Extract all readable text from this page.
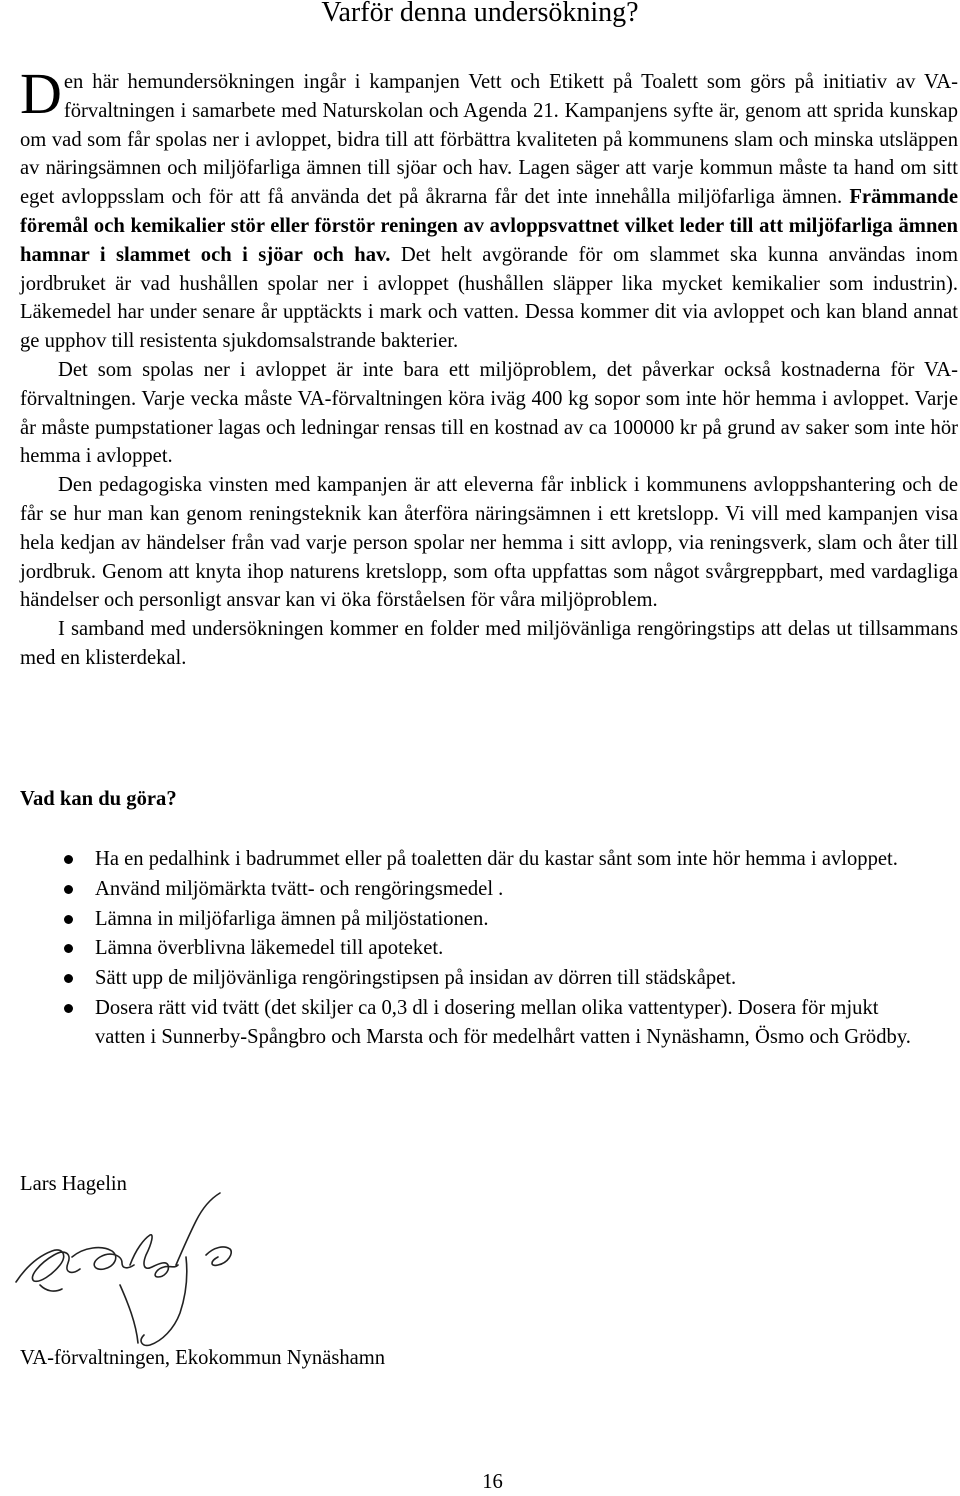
Varför denna undersökning?

Den här hemundersökningen ingår i kampanjen Vett och Etikett på Toalett som görs på initiativ av VA-förvaltningen i samarbete med Naturskolan och Agenda 21. Kampanjens syfte är, genom att sprida kunskap om vad som får spolas ner i avloppet, bidra till att förbättra kvaliteten på kommunens slam och minska utsläppen av näringsämnen och miljöfarliga ämnen till sjöar och hav. Lagen säger att varje kommun måste ta hand om sitt eget avloppsslam och för att få använda det på åkrarna får det inte innehålla miljöfarliga ämnen. Främmande föremål och kemikalier stör eller förstör reningen av avloppsvattnet vilket leder till att miljöfarliga ämnen hamnar i slammet och i sjöar och hav. Det helt avgörande för om slammet ska kunna användas inom jordbruket är vad hushållen spolar ner i avloppet (hushållen släpper lika mycket kemikalier som industrin). Läkemedel har under senare år upptäckts i mark och vatten. Dessa kommer dit via avloppet och kan bland annat ge upphov till resistenta sjukdomsalstrande bakterier.

Det som spolas ner i avloppet är inte bara ett miljöproblem, det påverkar också kostnaderna för VA-förvaltningen. Varje vecka måste VA-förvaltningen köra iväg 400 kg sopor som inte hör hemma i avloppet. Varje år måste pumpstationer lagas och ledningar rensas till en kostnad av ca 100000 kr på grund av saker som inte hör hemma i avloppet.

Den pedagogiska vinsten med kampanjen är att eleverna får inblick i kommunens avloppshantering och de får se hur man kan genom reningsteknik kan återföra näringsämnen i ett kretslopp. Vi vill med kampanjen visa hela kedjan av händelser från vad varje person spolar ner hemma i sitt avlopp, via reningsverk, slam och åter till jordbruk. Genom att knyta ihop naturens kretslopp, som ofta uppfattas som något svårgreppbart, med vardagliga händelser och personligt ansvar kan vi öka förståelsen för våra miljöproblem.

I samband med undersökningen kommer en folder med miljövänliga rengöringstips att delas ut tillsammans med en klisterdekal.

Vad kan du göra?
Ha en pedalhink i badrummet eller på toaletten där du kastar sånt som inte hör hemma i avloppet.
Använd miljömärkta tvätt- och rengöringsmedel .
Lämna in miljöfarliga ämnen på miljöstationen.
Lämna överblivna läkemedel till apoteket.
Sätt upp de miljövänliga rengöringstipsen på insidan av dörren till städskåpet.
Dosera rätt vid tvätt (det skiljer ca 0,3 dl i dosering mellan olika vattentyper). Dosera för mjukt vatten i Sunnerby-Spångbro och Marsta och för medelhårt vatten i Nynäshamn, Ösmo och Grödby.

Lars Hagelin

VA-förvaltningen, Ekokommun Nynäshamn

16
